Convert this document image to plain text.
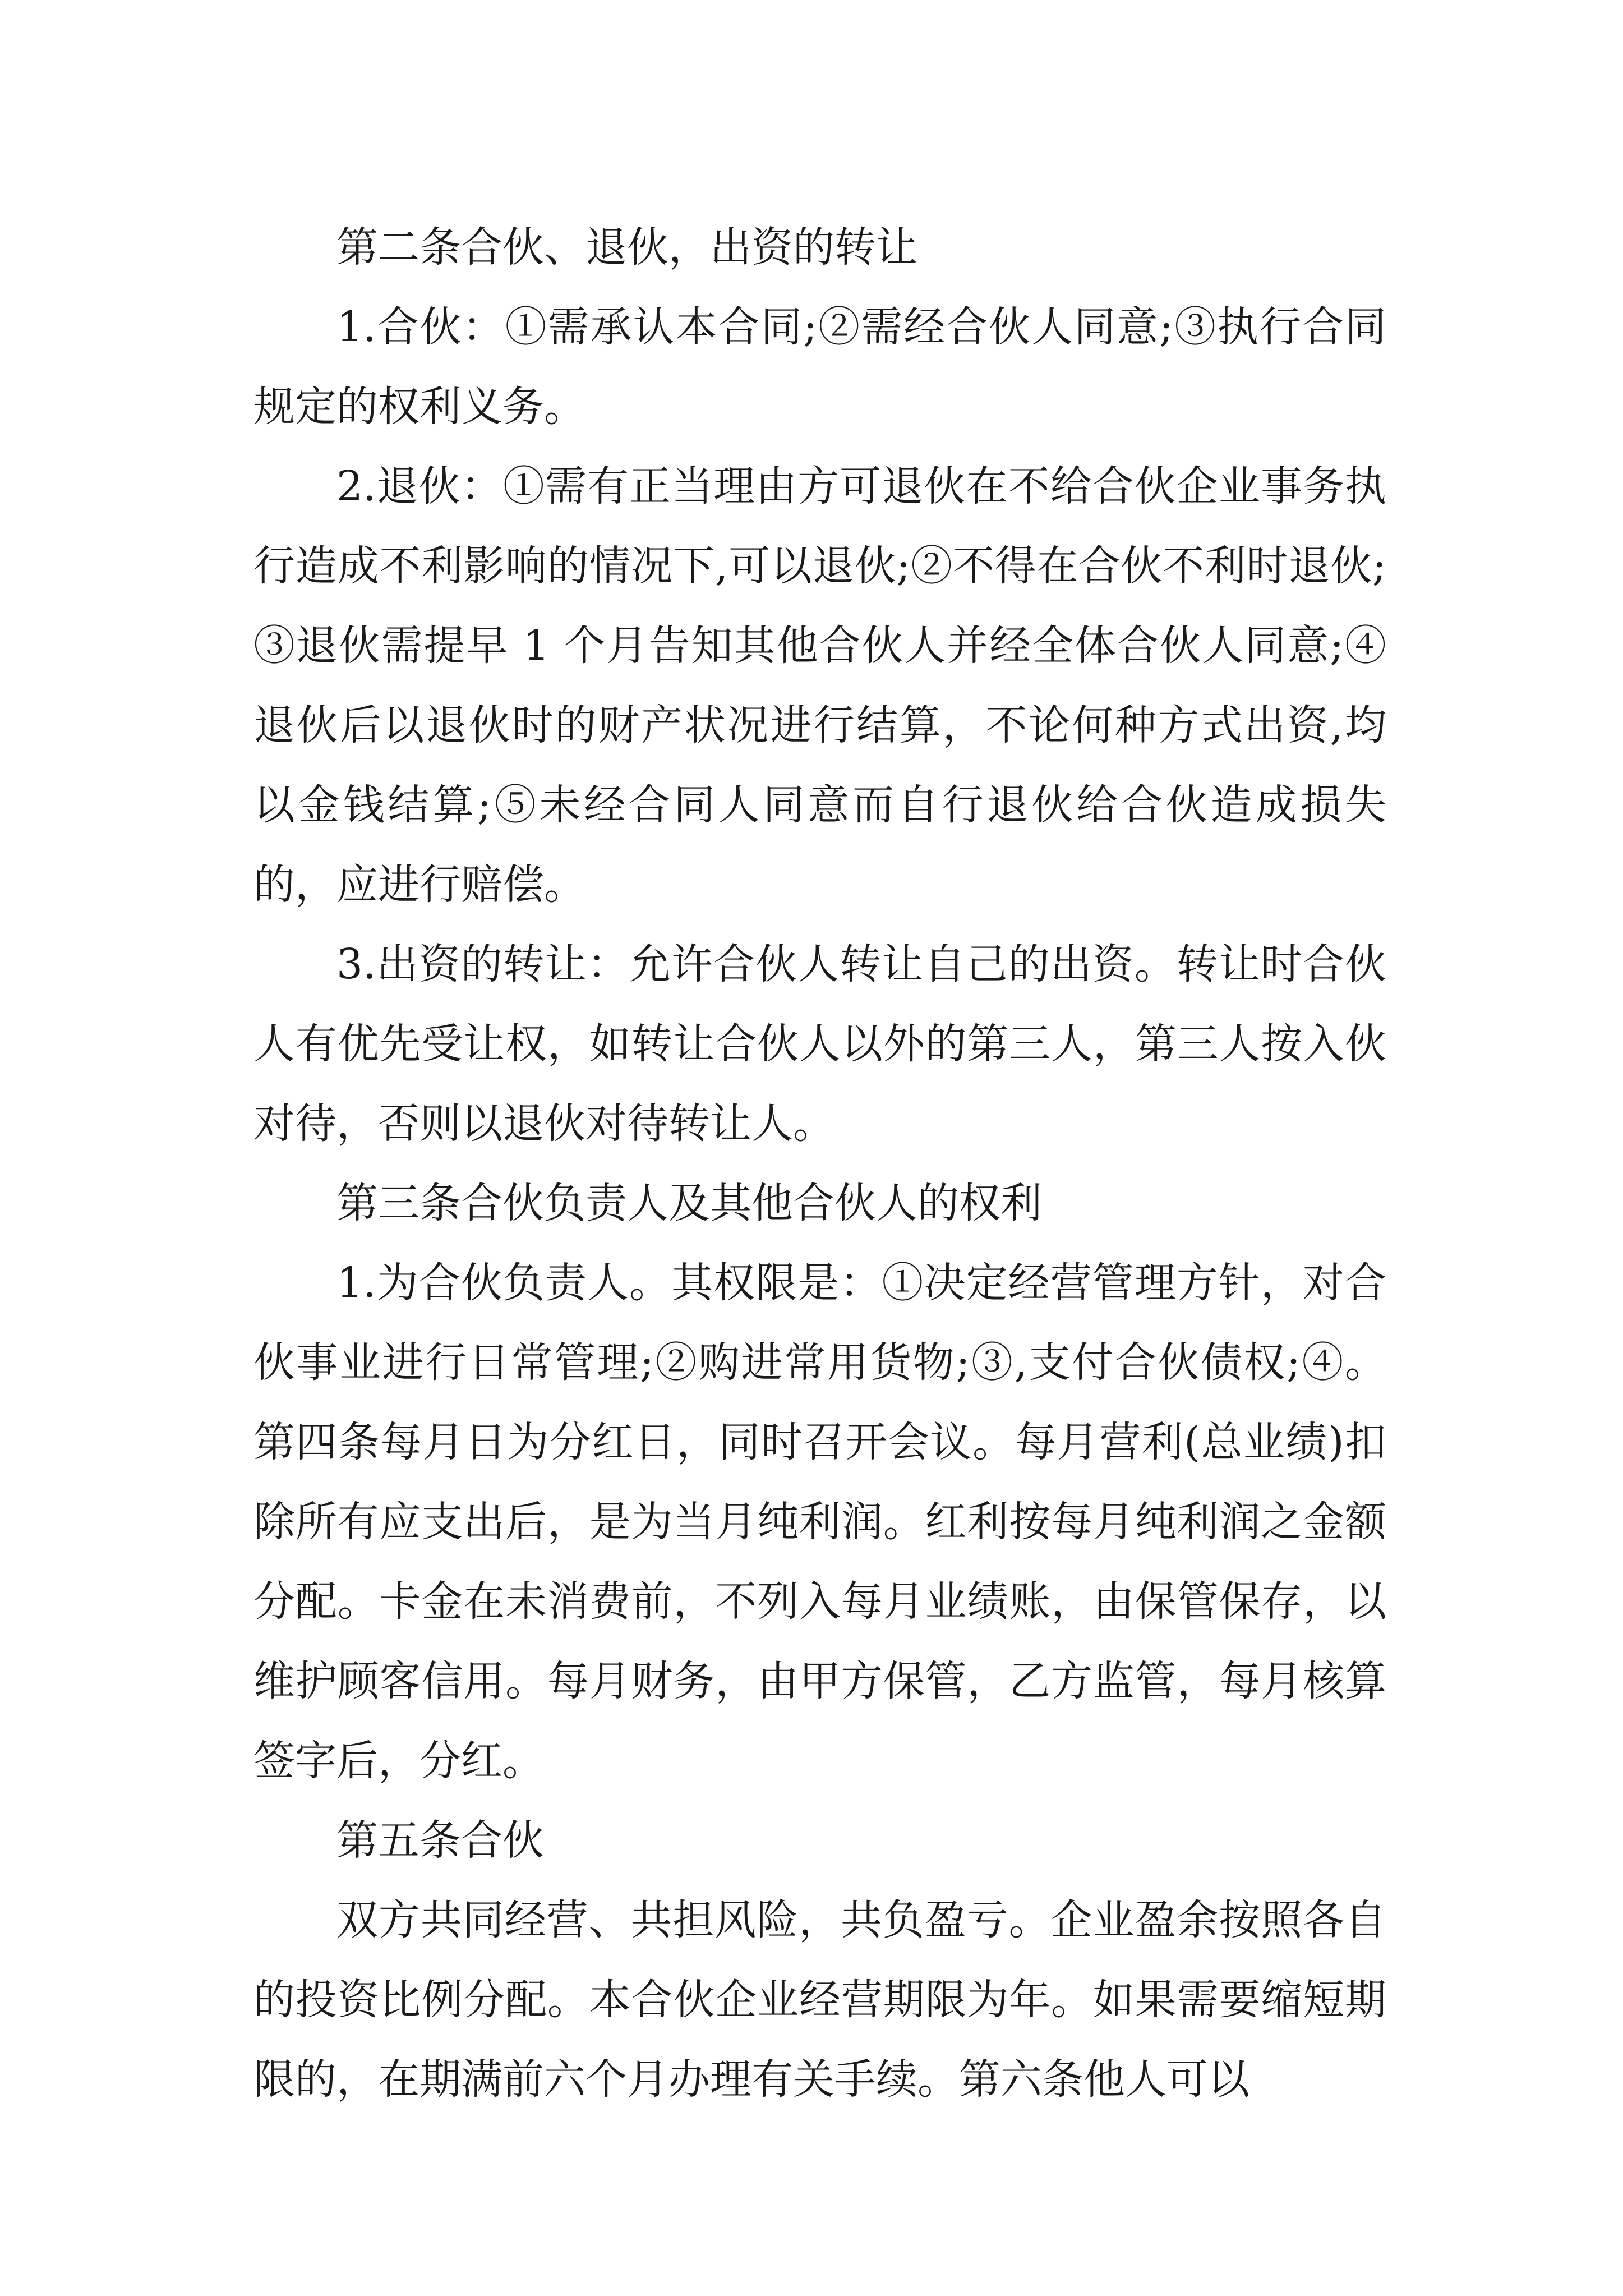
第二条合伙、退伙，出资的转让

1.合伙：①需承认本合同;②需经合伙人同意;③执行合同规定的权利义务。

2.退伙：①需有正当理由方可退伙在不给合伙企业事务执行造成不利影响的情况下,可以退伙;②不得在合伙不利时退伙;③退伙需提早 1 个月告知其他合伙人并经全体合伙人同意;④退伙后以退伙时的财产状况进行结算，不论何种方式出资,均以金钱结算;⑤未经合同人同意而自行退伙给合伙造成损失的，应进行赔偿。

3.出资的转让：允许合伙人转让自己的出资。转让时合伙人有优先受让权，如转让合伙人以外的第三人，第三人按入伙对待，否则以退伙对待转让人。

第三条合伙负责人及其他合伙人的权利

1.为合伙负责人。其权限是：①决定经营管理方针，对合伙事业进行日常管理;②购进常用货物;③,支付合伙债权;④。第四条每月日为分红日，同时召开会议。每月营利(总业绩)扣除所有应支出后，是为当月纯利润。红利按每月纯利润之金额分配。卡金在未消费前，不列入每月业绩账，由保管保存，以维护顾客信用。每月财务，由甲方保管，乙方监管，每月核算签字后，分红。

第五条合伙

双方共同经营、共担风险，共负盈亏。企业盈余按照各自的投资比例分配。本合伙企业经营期限为年。如果需要缩短期限的，在期满前六个月办理有关手续。第六条他人可以
